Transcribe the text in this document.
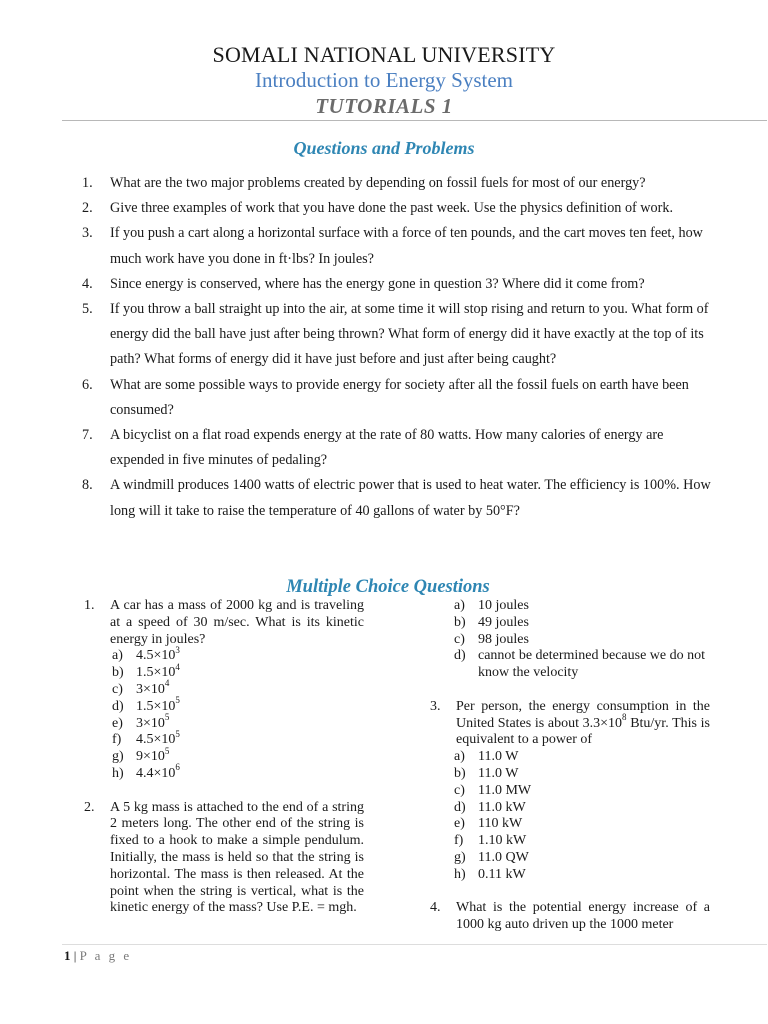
SOMALI NATIONAL UNIVERSITY
Introduction to Energy System
TUTORIALS 1
Questions and Problems
1.	What are the two major problems created by depending on fossil fuels for most of our energy?
2.	Give three examples of work that you have done the past week. Use the physics definition of work.
3.	If you push a cart along a horizontal surface with a force of ten pounds, and the cart moves ten feet, how much work have you done in ft·lbs? In joules?
4.	Since energy is conserved, where has the energy gone in question 3? Where did it come from?
5.	If you throw a ball straight up into the air, at some time it will stop rising and return to you. What form of energy did the ball have just after being thrown? What form of energy did it have exactly at the top of its path? What forms of energy did it have just before and just after being caught?
6.	What are some possible ways to provide energy for society after all the fossil fuels on earth have been consumed?
7.	A bicyclist on a flat road expends energy at the rate of 80 watts. How many calories of energy are expended in five minutes of pedaling?
8.	A windmill produces 1400 watts of electric power that is used to heat water. The efficiency is 100%. How long will it take to raise the temperature of 40 gallons of water by 50°F?
Multiple Choice Questions
1.	A car has a mass of 2000 kg and is traveling at a speed of 30 m/sec. What is its kinetic energy in joules?
a) $4.5\times 10^3$
b) $1.5\times 10^4$
c) $3\times 10^4$
d) $1.5\times 10^5$
e) $3\times 10^5$
f)	$4.5\times 10^5$
g) $9\times 10^5$
h) $4.4\times 10^6$
2.	A 5 kg mass is attached to the end of a string 2 meters long. The other end of the string is fixed to a hook to make a simple pendulum. Initially, the mass is held so that the string is horizontal. The mass is then released. At the point when the string is vertical, what is the kinetic energy of the mass? Use P.E. = mgh.
a) 10 joules
b) 49 joules
c) 98 joules
d) cannot be determined because we do not know the velocity
3.	Per person, the energy consumption in the United States is about $3.3\times 10^8$ Btu/yr. This is equivalent to a power of
a) 11.0 W
b) 11.0 W
c) 11.0 MW
d) 11.0 kW
e) 110 kW
f)	1.10 kW
g) 11.0 QW
h) 0.11 kW
4.	What is the potential energy increase of a 1000 kg auto driven up the 1000 meter
1 | P a g e
